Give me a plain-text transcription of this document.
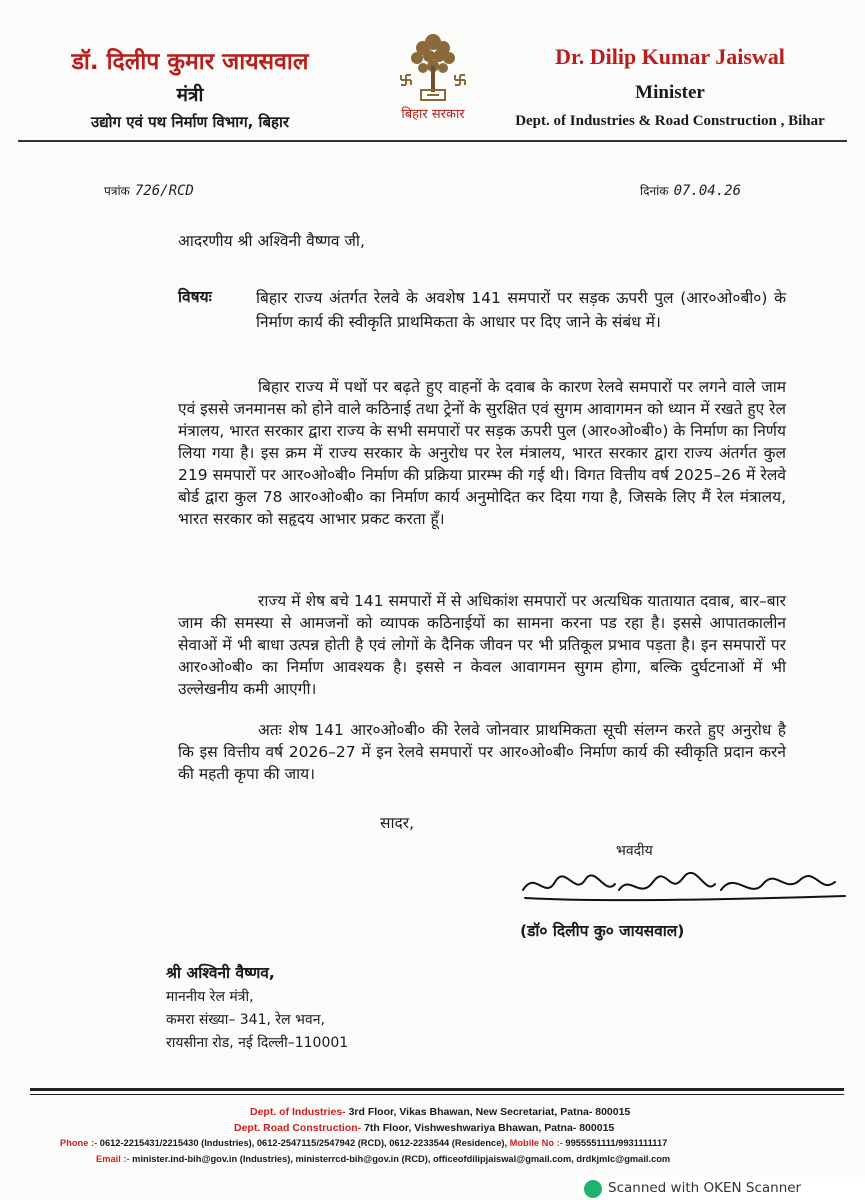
डॉ. दिलीप कुमार जायसवाल
मंत्री
उद्योग एवं पथ निर्माण विभाग, बिहार	बिहार सरकार
Dr. Dilip Kumar Jaiswal
Minister
Dept. of Industries & Road Construction , Bihar
पत्रांक 726/RCD	दिनांक 07.04.26
आदरणीय श्री अश्विनी वैष्णव जी,
विषयः	बिहार राज्य अंतर्गत रेलवे के अवशेष 141 समपारों पर सड़क ऊपरी पुल (आर०ओ०बी०) के निर्माण कार्य की स्वीकृति प्राथमिकता के आधार पर दिए जाने के संबंध में।
बिहार राज्य में पथों पर बढ़ते हुए वाहनों के दवाब के कारण रेलवे समपारों पर लगने वाले जाम एवं इससे जनमानस को होने वाले कठिनाई तथा ट्रेनों के सुरक्षित एवं सुगम आवागमन को ध्यान में रखते हुए रेल मंत्रालय, भारत सरकार द्वारा राज्य के सभी समपारों पर सड़क ऊपरी पुल (आर०ओ०बी०) के निर्माण का निर्णय लिया गया है। इस क्रम में राज्य सरकार के अनुरोध पर रेल मंत्रालय, भारत सरकार द्वारा राज्य अंतर्गत कुल 219 समपारों पर आर०ओ०बी० निर्माण की प्रक्रिया प्रारम्भ की गई थी। विगत वित्तीय वर्ष 2025–26 में रेलवे बोर्ड द्वारा कुल 78 आर०ओ०बी० का निर्माण कार्य अनुमोदित कर दिया गया है, जिसके लिए मैं रेल मंत्रालय, भारत सरकार को सहृदय आभार प्रकट करता हूँ।
राज्य में शेष बचे 141 समपारों में से अधिकांश समपारों पर अत्यधिक यातायात दवाब, बार–बार जाम की समस्या से आमजनों को व्यापक कठिनाईयों का सामना करना पड रहा है। इससे आपातकालीन सेवाओं में भी बाधा उत्पन्न होती है एवं लोगों के दैनिक जीवन पर भी प्रतिकूल प्रभाव पड़ता है। इन समपारों पर आर०ओ०बी० का निर्माण आवश्यक है। इससे न केवल आवागमन सुगम होगा, बल्कि दुर्घटनाओं में भी उल्लेखनीय कमी आएगी।
अतः शेष 141 आर०ओ०बी० की रेलवे जोनवार प्राथमिकता सूची संलग्न करते हुए अनुरोध है कि इस वित्तीय वर्ष 2026–27 में इन रेलवे समपारों पर आर०ओ०बी० निर्माण कार्य की स्वीकृति प्रदान करने की महती कृपा की जाय।
सादर,
भवदीय
(डॉ० दिलीप कु० जायसवाल)
श्री अश्विनी वैष्णव,
माननीय रेल मंत्री,
कमरा संख्या– 341, रेल भवन,
रायसीना रोड, नई दिल्ली–110001
Dept. of Industries- 3rd Floor, Vikas Bhawan, New Secretariat, Patna- 800015
Dept. Road Construction- 7th Floor, Vishweshwariya Bhawan, Patna- 800015
Phone :- 0612-2215431/2215430 (Industries), 0612-2547115/2547942 (RCD), 0612-2233544 (Residence), Mobile No :- 9955551111/9931111117
Email :- minister.ind-bih@gov.in (Industries), ministerrcd-bih@gov.in (RCD), officeofdilipjaiswal@gmail.com, drdkjmlc@gmail.com
Scanned with OKEN Scanner
